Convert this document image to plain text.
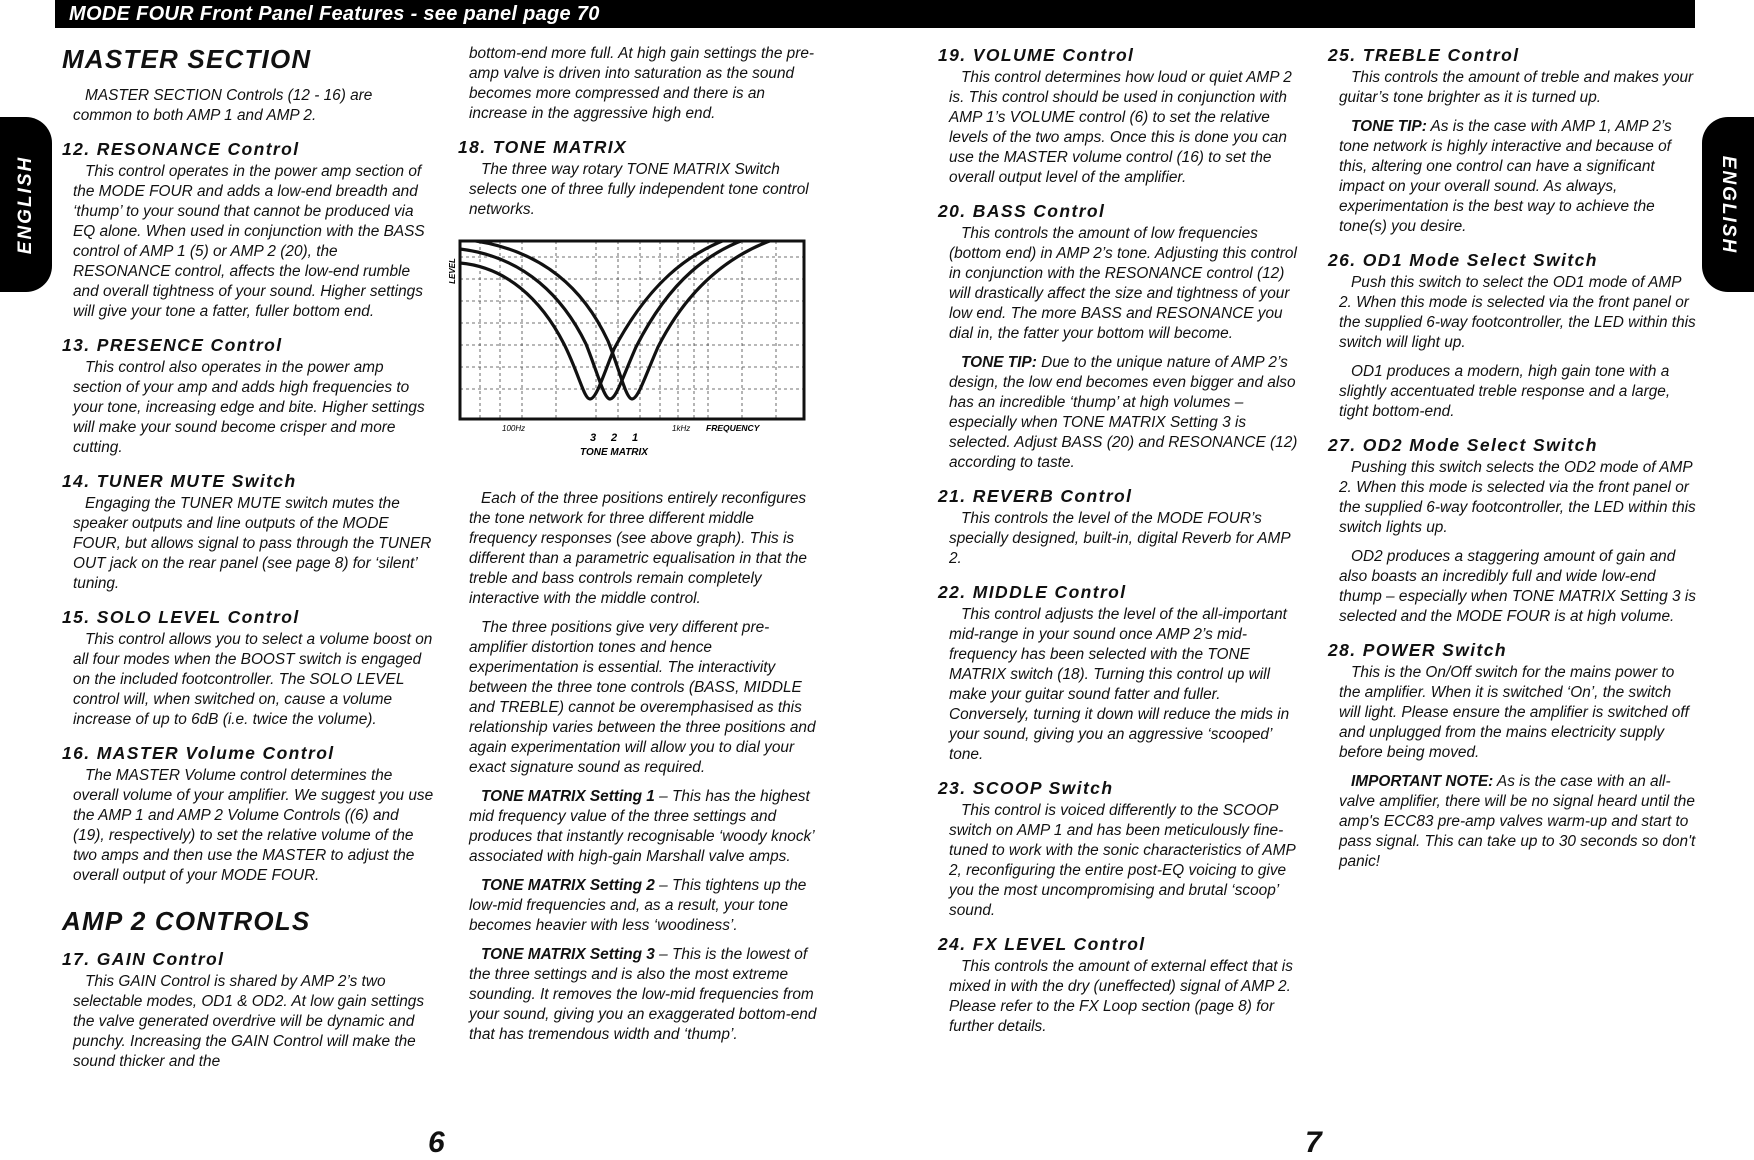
MODE FOUR Front Panel Features - see panel page 70
ENGLISH	ENGLISH
MASTER SECTION

MASTER SECTION Controls (12 - 16) are common to both AMP 1 and AMP 2.

12. RESONANCE Control

This control operates in the power amp section of the MODE FOUR and adds a low-end breadth and ‘thump’ to your sound that cannot be produced via EQ alone. When used in conjunction with the BASS control of AMP 1 (5) or AMP 2 (20), the RESONANCE control, affects the low-end rumble and overall tightness of your sound. Higher settings will give your tone a fatter, fuller bottom end.

13. PRESENCE Control

This control also operates in the power amp section of your amp and adds high frequencies to your tone, increasing edge and bite. Higher settings will make your sound become crisper and more cutting.

14. TUNER MUTE Switch

Engaging the TUNER MUTE switch mutes the speaker outputs and line outputs of the MODE FOUR, but allows signal to pass through the TUNER OUT jack on the rear panel (see page 8) for ‘silent’ tuning.

15. SOLO LEVEL Control

This control allows you to select a volume boost on all four modes when the BOOST switch is engaged on the included footcontroller. The SOLO LEVEL control will, when switched on, cause a volume increase of up to 6dB (i.e. twice the volume).

16. MASTER Volume Control

The MASTER Volume control determines the overall volume of your amplifier. We suggest you use the AMP 1 and AMP 2 Volume Controls ((6) and (19), respectively) to set the relative volume of the two amps and then use the MASTER to adjust the overall output of your MODE FOUR.

AMP 2 CONTROLS
17. GAIN Control

This GAIN Control is shared by AMP 2’s two selectable modes, OD1 & OD2. At low gain settings the valve generated overdrive will be dynamic and punchy. Increasing the GAIN Control will make the sound thicker and the

bottom-end more full. At high gain settings the pre-amp valve is driven into saturation as the sound becomes more compressed and there is an increase in the aggressive high end.

18. TONE MATRIX

The three way rotary TONE MATRIX Switch selects one of three fully independent tone control networks.

LEVEL
100Hz	1kHz FREQUENCY
3 2 1
TONE MATRIX

Each of the three positions entirely reconfigures the tone network for three different middle frequency responses (see above graph). This is different than a parametric equalisation in that the treble and bass controls remain completely interactive with the middle control.

The three positions give very different pre-amplifier distortion tones and hence experimentation is essential. The interactivity between the three tone controls (BASS, MIDDLE and TREBLE) cannot be overemphasised as this relationship varies between the three positions and again experimentation will allow you to dial your exact signature sound as required.

TONE MATRIX Setting 1 – This has the highest mid frequency value of the three settings and produces that instantly recognisable ‘woody knock’ associated with high-gain Marshall valve amps.

TONE MATRIX Setting 2 – This tightens up the low-mid frequencies and, as a result, your tone becomes heavier with less ‘woodiness’.

TONE MATRIX Setting 3 – This is the lowest of the three settings and is also the most extreme sounding. It removes the low-mid frequencies from your sound, giving you an exaggerated bottom-end that has tremendous width and ‘thump’.

19. VOLUME Control

This control determines how loud or quiet AMP 2 is. This control should be used in conjunction with AMP 1’s VOLUME control (6) to set the relative levels of the two amps. Once this is done you can use the MASTER volume control (16) to set the overall output level of the amplifier.

20. BASS Control

This controls the amount of low frequencies (bottom end) in AMP 2’s tone. Adjusting this control in conjunction with the RESONANCE control (12) will drastically affect the size and tightness of your low end. The more BASS and RESONANCE you dial in, the fatter your bottom will become.

TONE TIP: Due to the unique nature of AMP 2’s design, the low end becomes even bigger and also has an incredible ‘thump’ at high volumes – especially when TONE MATRIX Setting 3 is selected. Adjust BASS (20) and RESONANCE (12) according to taste.

21. REVERB Control

This controls the level of the MODE FOUR’s specially designed, built-in, digital Reverb for AMP 2.

22. MIDDLE Control

This control adjusts the level of the all-important mid-range in your sound once AMP 2’s mid-frequency has been selected with the TONE MATRIX switch (18). Turning this control up will make your guitar sound fatter and fuller. Conversely, turning it down will reduce the mids in your sound, giving you an aggressive ‘scooped’ tone.

23. SCOOP Switch

This control is voiced differently to the SCOOP switch on AMP 1 and has been meticulously fine-tuned to work with the sonic characteristics of AMP 2, reconfiguring the entire post-EQ voicing to give you the most uncompromising and brutal ‘scoop’ sound.

24. FX LEVEL Control

This controls the amount of external effect that is mixed in with the dry (uneffected) signal of AMP 2. Please refer to the FX Loop section (page 8) for further details.

25. TREBLE Control

This controls the amount of treble and makes your guitar’s tone brighter as it is turned up.

TONE TIP: As is the case with AMP 1, AMP 2’s tone network is highly interactive and because of this, altering one control can have a significant impact on your overall sound. As always, experimentation is the best way to achieve the tone(s) you desire.

26. OD1 Mode Select Switch

Push this switch to select the OD1 mode of AMP 2. When this mode is selected via the front panel or the supplied 6-way footcontroller, the LED within this switch will light up.

OD1 produces a modern, high gain tone with a slightly accentuated treble response and a large, tight bottom-end.

27. OD2 Mode Select Switch

Pushing this switch selects the OD2 mode of AMP 2. When this mode is selected via the front panel or the supplied 6-way footcontroller, the LED within this switch lights up.

OD2 produces a staggering amount of gain and also boasts an incredibly full and wide low-end thump – especially when TONE MATRIX Setting 3 is selected and the MODE FOUR is at high volume.

28. POWER Switch

This is the On/Off switch for the mains power to the amplifier. When it is switched ‘On’, the switch will light. Please ensure the amplifier is switched off and unplugged from the mains electricity supply before being moved.

IMPORTANT NOTE: As is the case with an all-valve amplifier, there will be no signal heard until the amp's ECC83 pre-amp valves warm-up and start to pass signal. This can take up to 30 seconds so don't panic!

6	7
